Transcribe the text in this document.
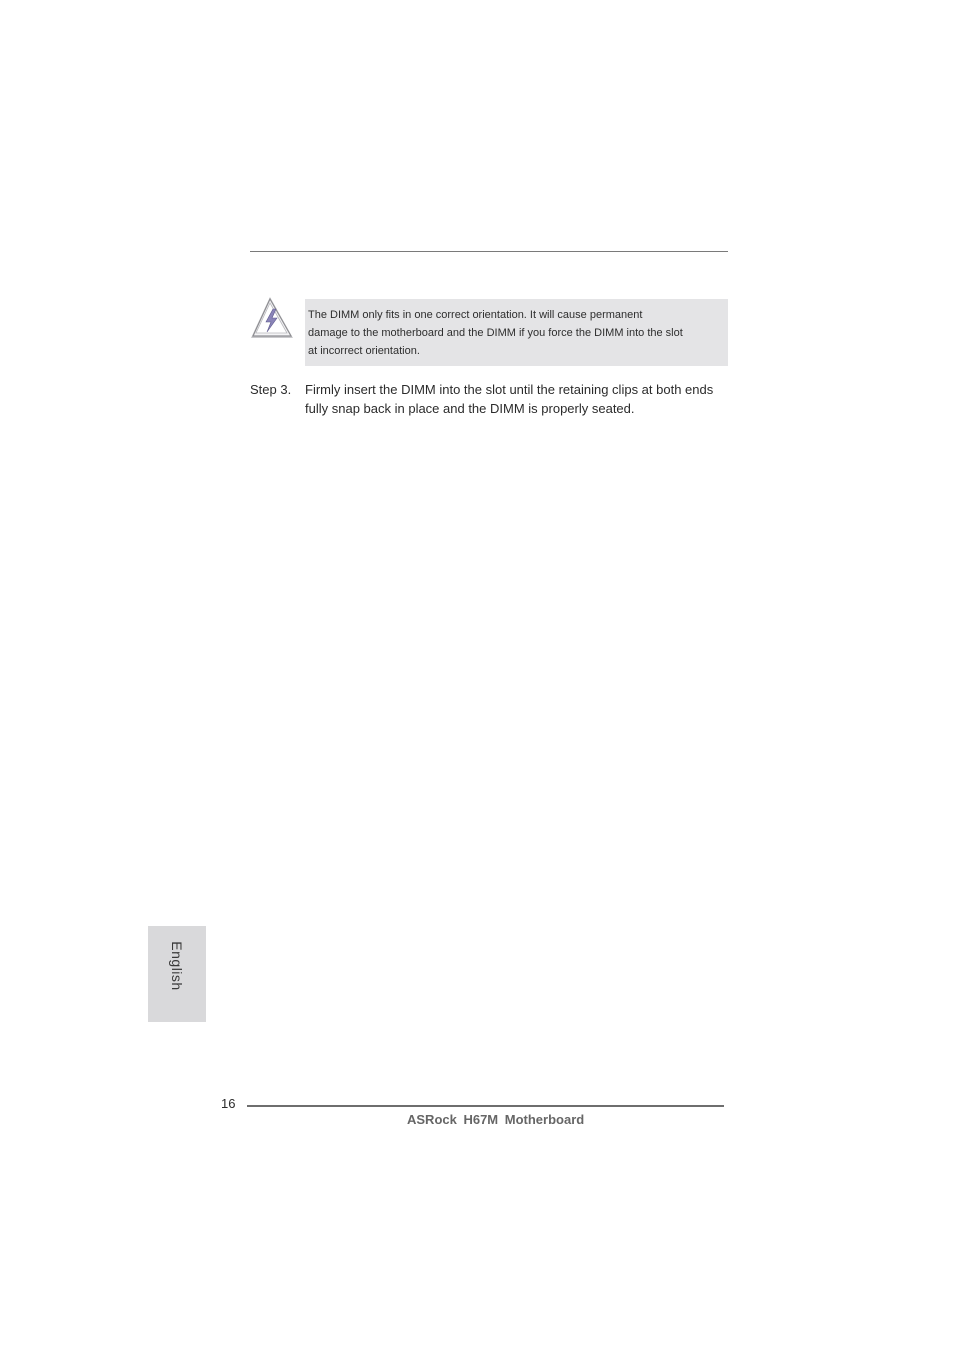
The DIMM only fits in one correct orientation. It will cause permanent
damage to the motherboard and the DIMM if you force the DIMM into the slot
at incorrect orientation.
Step 3. Firmly insert the DIMM into the slot until the retaining clips at both ends
fully snap back in place and the DIMM is properly seated.
English
16
ASRock H67M Motherboard
